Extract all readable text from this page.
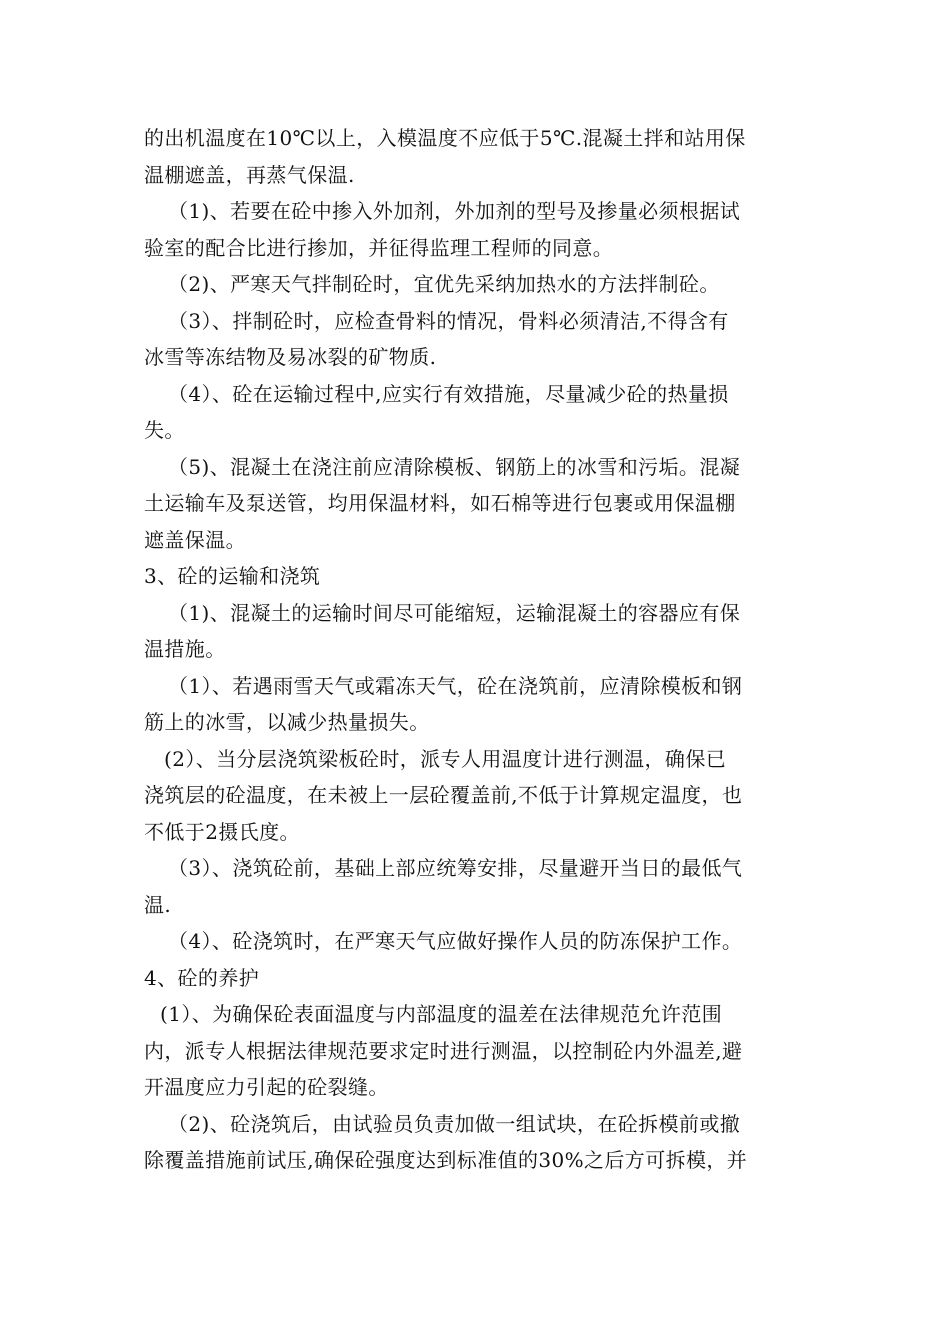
的出机温度在10℃以上，入模温度不应低于5℃.混凝土拌和站用保
温棚遮盖，再蒸气保温.
（1)、若要在砼中掺入外加剂，外加剂的型号及掺量必须根据试
验室的配合比进行掺加，并征得监理工程师的同意。
（2)、严寒天气拌制砼时，宜优先采纳加热水的方法拌制砼。
（3）、拌制砼时，应检查骨料的情况，骨料必须清洁,不得含有
冰雪等冻结物及易冰裂的矿物质.
（4）、砼在运输过程中,应实行有效措施，尽量减少砼的热量损
失。
（5)、混凝土在浇注前应清除模板、钢筋上的冰雪和污垢。混凝
土运输车及泵送管，均用保温材料，如石棉等进行包裹或用保温棚
遮盖保温。
3、砼的运输和浇筑
（1)、混凝土的运输时间尽可能缩短，运输混凝土的容器应有保
温措施。
（1）、若遇雨雪天气或霜冻天气，砼在浇筑前，应清除模板和钢
筋上的冰雪，以减少热量损失。
(2）、当分层浇筑梁板砼时，派专人用温度计进行测温，确保已
浇筑层的砼温度，在未被上一层砼覆盖前,不低于计算规定温度，也
不低于2摄氏度。
（3）、浇筑砼前，基础上部应统筹安排，尽量避开当日的最低气
温.
（4）、砼浇筑时，在严寒天气应做好操作人员的防冻保护工作。
4、砼的养护
(1）、为确保砼表面温度与内部温度的温差在法律规范允许范围
内，派专人根据法律规范要求定时进行测温，以控制砼内外温差,避
开温度应力引起的砼裂缝。
（2)、砼浇筑后，由试验员负责加做一组试块，在砼拆模前或撤
除覆盖措施前试压,确保砼强度达到标准值的30%之后方可拆模，并
